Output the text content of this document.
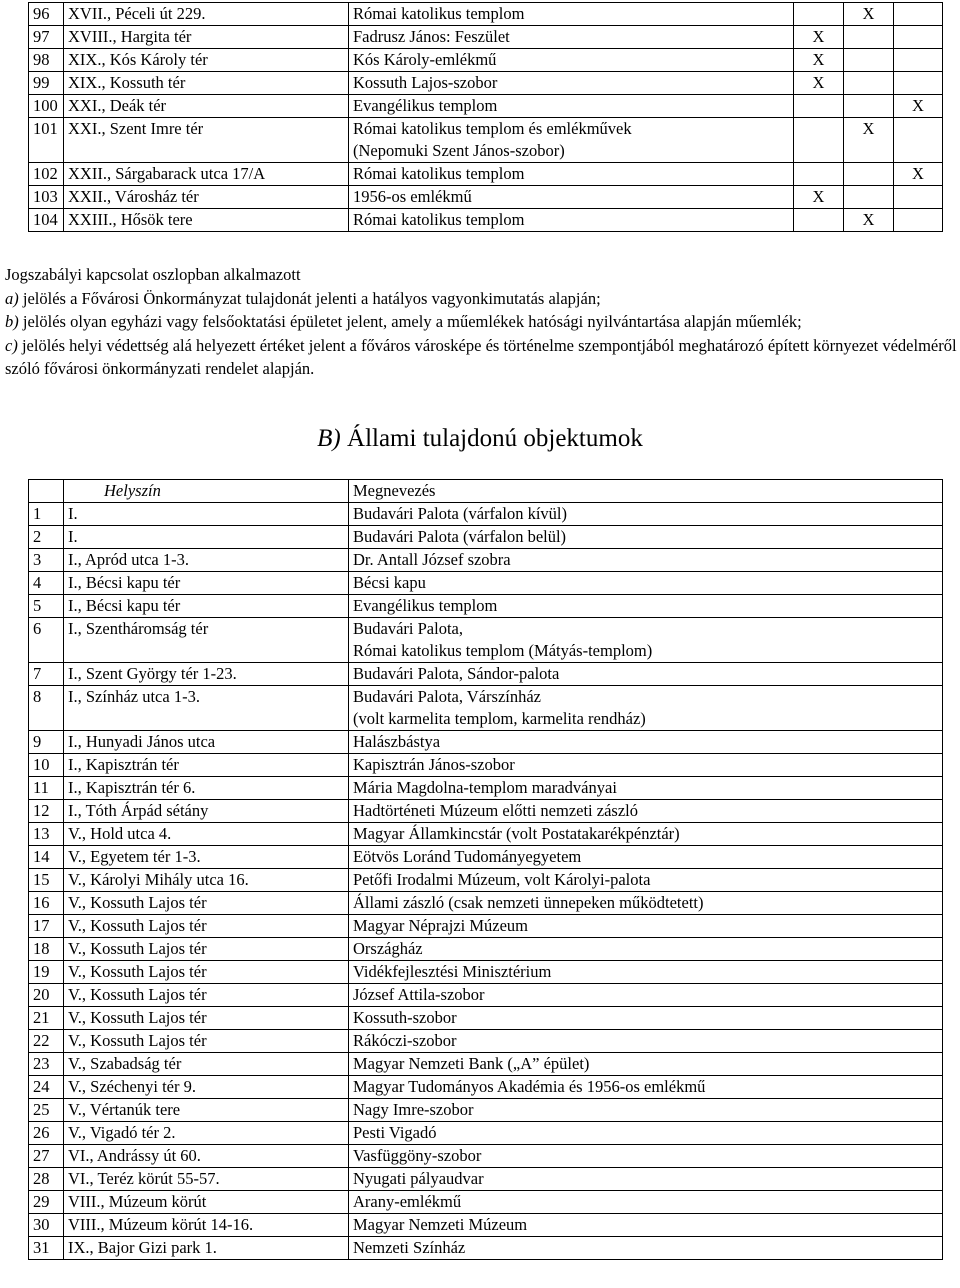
96	XVII., Péceli út 229.	Római katolikus templom		X	
97	XVIII., Hargita tér	Fadrusz János: Feszület	X		
98	XIX., Kós Károly tér	Kós Károly-emlékmű	X		
99	XIX., Kossuth tér	Kossuth Lajos-szobor	X		
100	XXI., Deák tér	Evangélikus templom			X
101	XXI., Szent Imre tér	Római katolikus templom és emlékművek
(Nepomuki Szent János-szobor)		X	
102	XXII., Sárgabarack utca 17/A	Római katolikus templom			X
103	XXII., Városház tér	1956-os emlékmű	X		
104	XXIII., Hősök tere	Római katolikus templom		X	

Jogszabályi kapcsolat oszlopban alkalmazott

a) jelölés a Fővárosi Önkormányzat tulajdonát jelenti a hatályos vagyonkimutatás alapján;

b) jelölés olyan egyházi vagy felsőoktatási épületet jelent, amely a műemlékek hatósági nyilvántartása alapján műemlék;

c) jelölés helyi védettség alá helyezett értéket jelent a főváros városképe és történelme szempontjából meghatározó épített környezet védelméről szóló fővárosi önkormányzati rendelet alapján.

B) Állami tulajdonú objektumok
	Helyszín	Megnevezés
1	I.	Budavári Palota (várfalon kívül)

2	I.	Budavári Palota (várfalon belül)

3	I., Apród utca 1-3.	Dr. Antall József szobra

4	I., Bécsi kapu tér	Bécsi kapu

5	I., Bécsi kapu tér	Evangélikus templom

6	I., Szentháromság tér	Budavári Palota,
Római katolikus templom (Mátyás-templom)

7	I., Szent György tér 1-23.	Budavári Palota, Sándor-palota

8	I., Színház utca 1-3.	Budavári Palota, Várszínház
(volt karmelita templom, karmelita rendház)

9	I., Hunyadi János utca	Halászbástya

10	I., Kapisztrán tér	Kapisztrán János-szobor

11	I., Kapisztrán tér 6.	Mária Magdolna-templom maradványai

12	I., Tóth Árpád sétány	Hadtörténeti Múzeum előtti nemzeti zászló

13	V., Hold utca 4.	Magyar Államkincstár (volt Postatakarékpénztár)

14	V., Egyetem tér 1-3.	Eötvös Loránd Tudományegyetem

15	V., Károlyi Mihály utca 16.	Petőfi Irodalmi Múzeum, volt Károlyi-palota

16	V., Kossuth Lajos tér	Állami zászló (csak nemzeti ünnepeken működtetett)

17	V., Kossuth Lajos tér	Magyar Néprajzi Múzeum

18	V., Kossuth Lajos tér	Országház

19	V., Kossuth Lajos tér	Vidékfejlesztési Minisztérium

20	V., Kossuth Lajos tér	József Attila-szobor

21	V., Kossuth Lajos tér	Kossuth-szobor

22	V., Kossuth Lajos tér	Rákóczi-szobor

23	V., Szabadság tér	Magyar Nemzeti Bank („A” épület)

24	V., Széchenyi tér 9.	Magyar Tudományos Akadémia és 1956-os emlékmű

25	V., Vértanúk tere	Nagy Imre-szobor

26	V., Vigadó tér 2.	Pesti Vigadó

27	VI., Andrássy út 60.	Vasfüggöny-szobor

28	VI., Teréz körút 55-57.	Nyugati pályaudvar

29	VIII., Múzeum körút	Arany-emlékmű

30	VIII., Múzeum körút 14-16.	Magyar Nemzeti Múzeum

31	IX., Bajor Gizi park 1.	Nemzeti Színház
